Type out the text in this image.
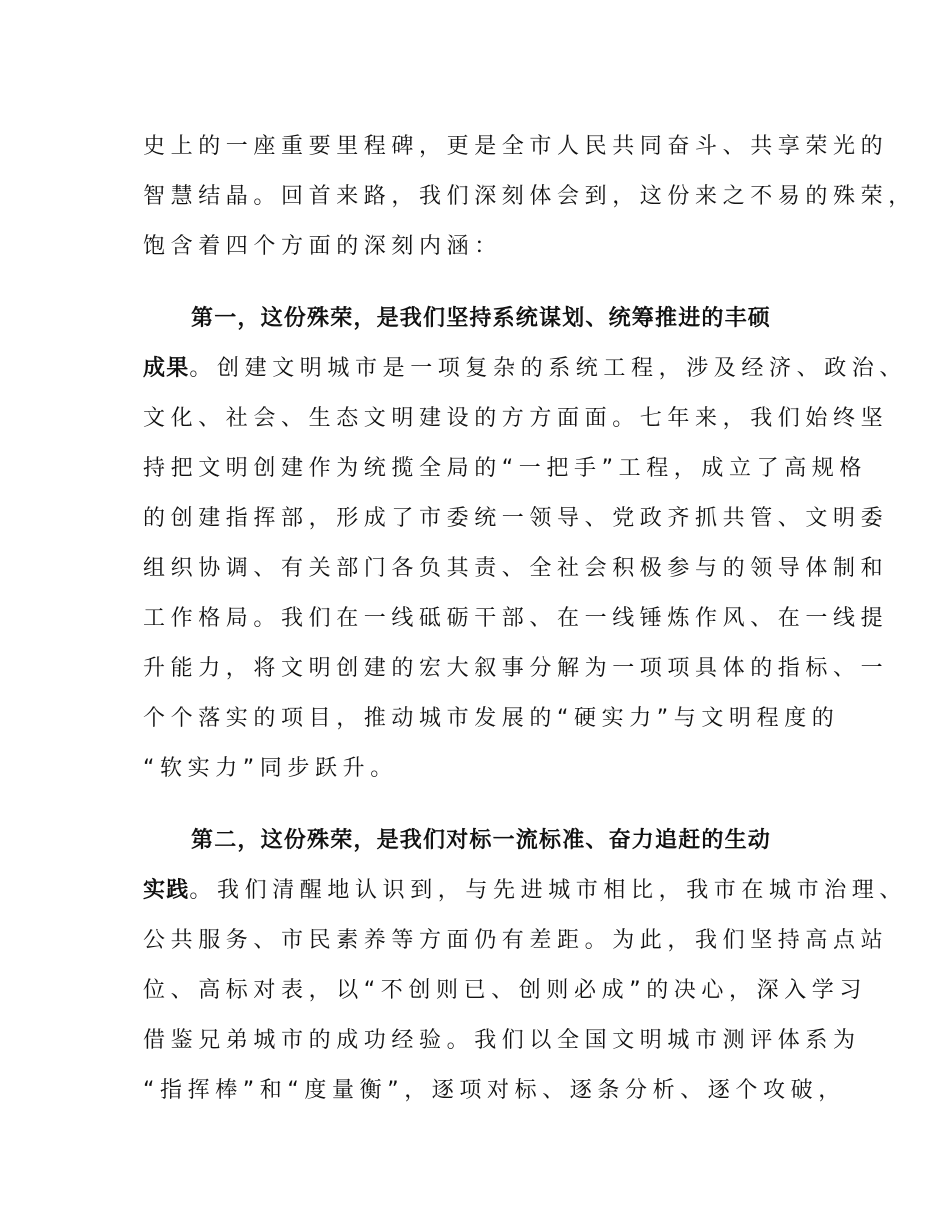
史上的一座重要里程碑，更是全市人民共同奋斗、共享荣光的
智慧结晶。回首来路，我们深刻体会到，这份来之不易的殊荣，
饱含着四个方面的深刻内涵：
第一，这份殊荣，是我们坚持系统谋划、统筹推进的丰硕
成果。创建文明城市是一项复杂的系统工程，涉及经济、政治、
文化、社会、生态文明建设的方方面面。七年来，我们始终坚
持把文明创建作为统揽全局的“一把手”工程，成立了高规格
的创建指挥部，形成了市委统一领导、党政齐抓共管、文明委
组织协调、有关部门各负其责、全社会积极参与的领导体制和
工作格局。我们在一线砥砺干部、在一线锤炼作风、在一线提
升能力，将文明创建的宏大叙事分解为一项项具体的指标、一
个个落实的项目，推动城市发展的“硬实力”与文明程度的
“软实力”同步跃升。
第二，这份殊荣，是我们对标一流标准、奋力追赶的生动
实践。我们清醒地认识到，与先进城市相比，我市在城市治理、
公共服务、市民素养等方面仍有差距。为此，我们坚持高点站
位、高标对表，以“不创则已、创则必成”的决心，深入学习
借鉴兄弟城市的成功经验。我们以全国文明城市测评体系为
“指挥棒”和“度量衡”，逐项对标、逐条分析、逐个攻破，
